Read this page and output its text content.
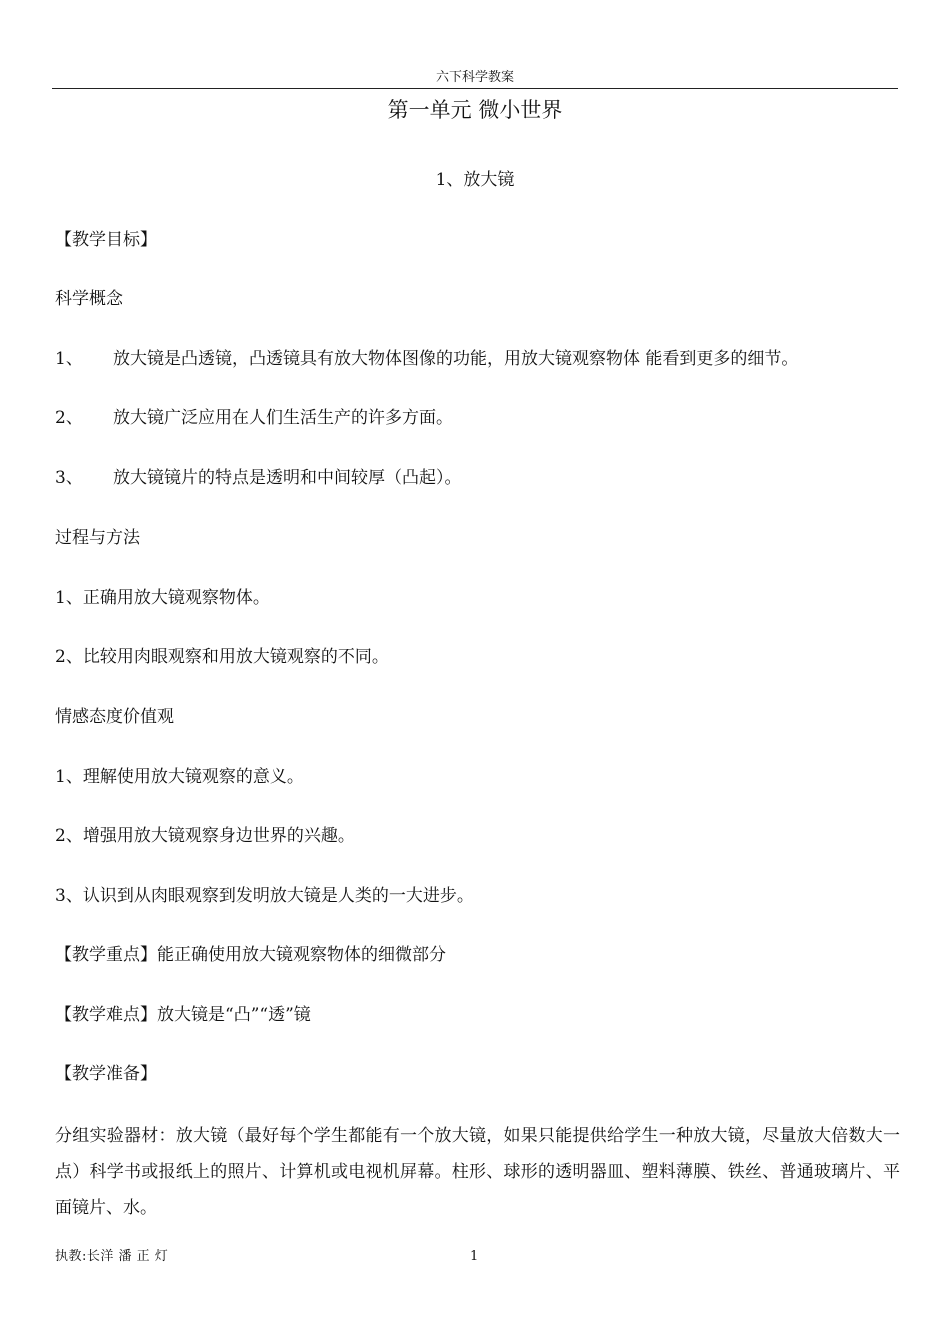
六下科学教案
第一单元 微小世界
1、放大镜
【教学目标】
科学概念
1、 放大镜是凸透镜，凸透镜具有放大物体图像的功能，用放大镜观察物体 能看到更多的细节。
2、 放大镜广泛应用在人们生活生产的许多方面。
3、 放大镜镜片的特点是透明和中间较厚（凸起）。
过程与方法
1、正确用放大镜观察物体。
2、比较用肉眼观察和用放大镜观察的不同。
情感态度价值观
1、理解使用放大镜观察的意义。
2、增强用放大镜观察身边世界的兴趣。
3、认识到从肉眼观察到发明放大镜是人类的一大进步。
【教学重点】能正确使用放大镜观察物体的细微部分
【教学难点】放大镜是“凸”“透”镜
【教学准备】
分组实验器材：放大镜（最好每个学生都能有一个放大镜，如果只能提供给学生一种放大镜，尽量放大倍数大一点）科学书或报纸上的照片、计算机或电视机屏幕。柱形、球形的透明器皿、塑料薄膜、铁丝、普通玻璃片、平面镜片、水。
执教:长洋 潘 正 灯	1
